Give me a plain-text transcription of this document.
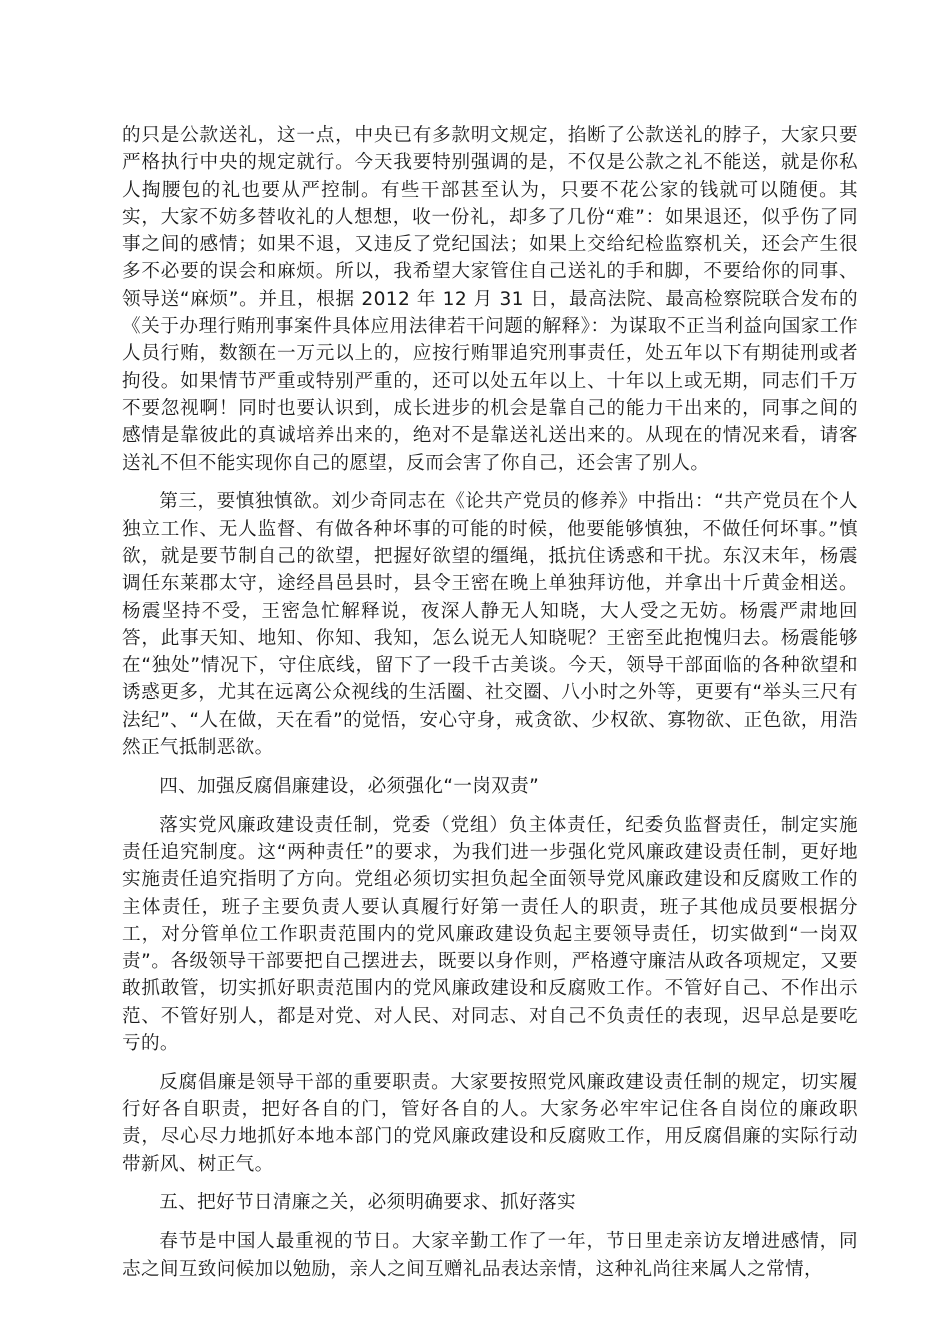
的只是公款送礼，这一点，中央已有多款明文规定，掐断了公款送礼的脖子，大家只要严格执行中央的规定就行。今天我要特别强调的是，不仅是公款之礼不能送，就是你私人掏腰包的礼也要从严控制。有些干部甚至认为，只要不花公家的钱就可以随便。其实，大家不妨多替收礼的人想想，收一份礼，却多了几份“难”：如果退还，似乎伤了同事之间的感情；如果不退，又违反了党纪国法；如果上交给纪检监察机关，还会产生很多不必要的误会和麻烦。所以，我希望大家管住自己送礼的手和脚，不要给你的同事、领导送“麻烦”。并且，根据 2012 年 12 月 31 日，最高法院、最高检察院联合发布的《关于办理行贿刑事案件具体应用法律若干问题的解释》：为谋取不正当利益向国家工作人员行贿，数额在一万元以上的，应按行贿罪追究刑事责任，处五年以下有期徒刑或者拘役。如果情节严重或特别严重的，还可以处五年以上、十年以上或无期，同志们千万不要忽视啊！同时也要认识到，成长进步的机会是靠自己的能力干出来的，同事之间的感情是靠彼此的真诚培养出来的，绝对不是靠送礼送出来的。从现在的情况来看，请客送礼不但不能实现你自己的愿望，反而会害了你自己，还会害了别人。

第三，要慎独慎欲。刘少奇同志在《论共产党员的修养》中指出：“共产党员在个人独立工作、无人监督、有做各种坏事的可能的时候，他要能够慎独，不做任何坏事。”慎欲，就是要节制自己的欲望，把握好欲望的缰绳，抵抗住诱惑和干扰。东汉末年，杨震调任东莱郡太守，途经昌邑县时，县令王密在晚上单独拜访他，并拿出十斤黄金相送。杨震坚持不受，王密急忙解释说，夜深人静无人知晓，大人受之无妨。杨震严肃地回答，此事天知、地知、你知、我知，怎么说无人知晓呢？王密至此抱愧归去。杨震能够在“独处”情况下，守住底线，留下了一段千古美谈。今天，领导干部面临的各种欲望和诱惑更多，尤其在远离公众视线的生活圈、社交圈、八小时之外等，更要有“举头三尺有法纪”、“人在做，天在看”的觉悟，安心守身，戒贪欲、少权欲、寡物欲、正色欲，用浩然正气抵制恶欲。

四、加强反腐倡廉建设，必须强化“一岗双责”

落实党风廉政建设责任制，党委（党组）负主体责任，纪委负监督责任，制定实施责任追究制度。这“两种责任”的要求，为我们进一步强化党风廉政建设责任制，更好地实施责任追究指明了方向。党组必须切实担负起全面领导党风廉政建设和反腐败工作的主体责任，班子主要负责人要认真履行好第一责任人的职责，班子其他成员要根据分工，对分管单位工作职责范围内的党风廉政建设负起主要领导责任，切实做到“一岗双责”。各级领导干部要把自己摆进去，既要以身作则，严格遵守廉洁从政各项规定，又要敢抓敢管，切实抓好职责范围内的党风廉政建设和反腐败工作。不管好自己、不作出示范、不管好别人，都是对党、对人民、对同志、对自己不负责任的表现，迟早总是要吃亏的。

反腐倡廉是领导干部的重要职责。大家要按照党风廉政建设责任制的规定，切实履行好各自职责，把好各自的门，管好各自的人。大家务必牢牢记住各自岗位的廉政职责，尽心尽力地抓好本地本部门的党风廉政建设和反腐败工作，用反腐倡廉的实际行动带新风、树正气。

五、把好节日清廉之关，必须明确要求、抓好落实

春节是中国人最重视的节日。大家辛勤工作了一年，节日里走亲访友增进感情，同志之间互致问候加以勉励，亲人之间互赠礼品表达亲情，这种礼尚往来属人之常情，
